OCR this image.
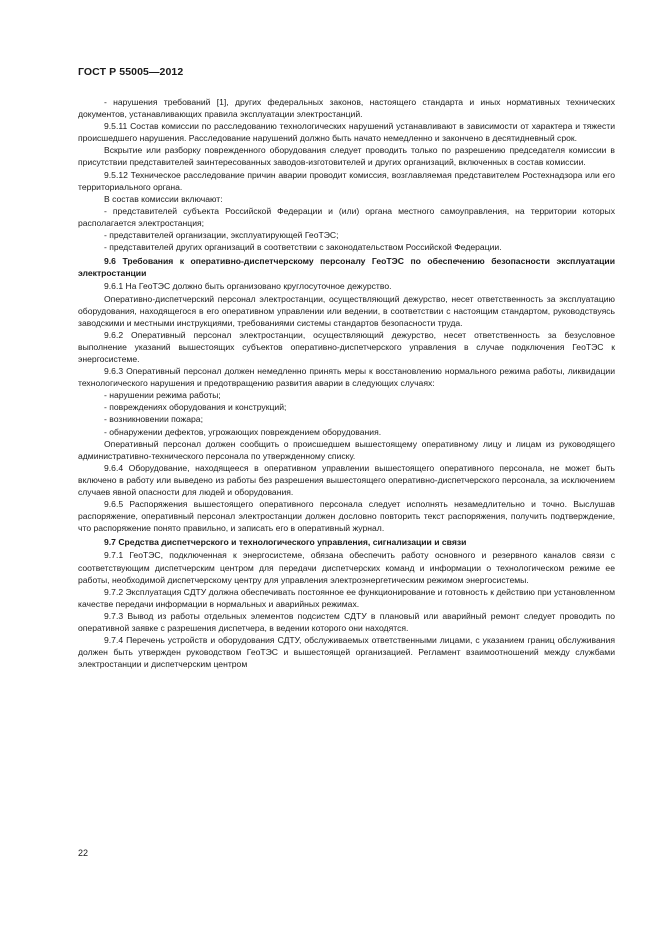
ГОСТ Р 55005—2012

- нарушения требований [1], других федеральных законов, настоящего стандарта и иных нормативных технических документов, устанавливающих правила эксплуатации электростанций.

9.5.11 Состав комиссии по расследованию технологических нарушений устанавливают в зависимости от характера и тяжести происшедшего нарушения. Расследование нарушений должно быть начато немедленно и закончено в десятидневный срок.

Вскрытие или разборку поврежденного оборудования следует проводить только по разрешению председателя комиссии в присутствии представителей заинтересованных заводов-изготовителей и других организаций, включенных в состав комиссии.

9.5.12 Техническое расследование причин аварии проводит комиссия, возглавляемая представителем Ростехнадзора или его территориального органа.

В состав комиссии включают:

- представителей субъекта Российской Федерации и (или) органа местного самоуправления, на территории которых располагается электростанция;

- представителей организации, эксплуатирующей ГеоТЭС;

- представителей других организаций в соответствии с законодательством Российской Федерации.

9.6 Требования к оперативно-диспетчерскому персоналу ГеоТЭС по обеспечению безопасности эксплуатации электростанции

9.6.1 На ГеоТЭС должно быть организовано круглосуточное дежурство.

Оперативно-диспетчерский персонал электростанции, осуществляющий дежурство, несет ответственность за эксплуатацию оборудования, находящегося в его оперативном управлении или ведении, в соответствии с настоящим стандартом, руководствуясь заводскими и местными инструкциями, требованиями системы стандартов безопасности труда.

9.6.2 Оперативный персонал электростанции, осуществляющий дежурство, несет ответственность за безусловное выполнение указаний вышестоящих субъектов оперативно-диспетчерского управления в случае подключения ГеоТЭС к энергосистеме.

9.6.3 Оперативный персонал должен немедленно принять меры к восстановлению нормального режима работы, ликвидации технологического нарушения и предотвращению развития аварии в следующих случаях:

- нарушении режима работы;

- повреждениях оборудования и конструкций;

- возникновении пожара;

- обнаружении дефектов, угрожающих повреждением оборудования.

Оперативный персонал должен сообщить о происшедшем вышестоящему оперативному лицу и лицам из руководящего административно-технического персонала по утвержденному списку.

9.6.4 Оборудование, находящееся в оперативном управлении вышестоящего оперативного персонала, не может быть включено в работу или выведено из работы без разрешения вышестоящего оперативно-диспетчерского персонала, за исключением случаев явной опасности для людей и оборудования.

9.6.5 Распоряжения вышестоящего оперативного персонала следует исполнять незамедлительно и точно. Выслушав распоряжение, оперативный персонал электростанции должен дословно повторить текст распоряжения, получить подтверждение, что распоряжение понято правильно, и записать его в оперативный журнал.

9.7 Средства диспетчерского и технологического управления, сигнализации и связи

9.7.1 ГеоТЭС, подключенная к энергосистеме, обязана обеспечить работу основного и резервного каналов связи с соответствующим диспетчерским центром для передачи диспетчерских команд и информации о технологическом режиме ее работы, необходимой диспетчерскому центру для управления электроэнергетическим режимом энергосистемы.

9.7.2 Эксплуатация СДТУ должна обеспечивать постоянное ее функционирование и готовность к действию при установленном качестве передачи информации в нормальных и аварийных режимах.

9.7.3 Вывод из работы отдельных элементов подсистем СДТУ в плановый или аварийный ремонт следует проводить по оперативной заявке с разрешения диспетчера, в ведении которого они находятся.

9.7.4 Перечень устройств и оборудования СДТУ, обслуживаемых ответственными лицами, с указанием границ обслуживания должен быть утвержден руководством ГеоТЭС и вышестоящей организацией. Регламент взаимоотношений между службами электростанции и диспетчерским центром

22
